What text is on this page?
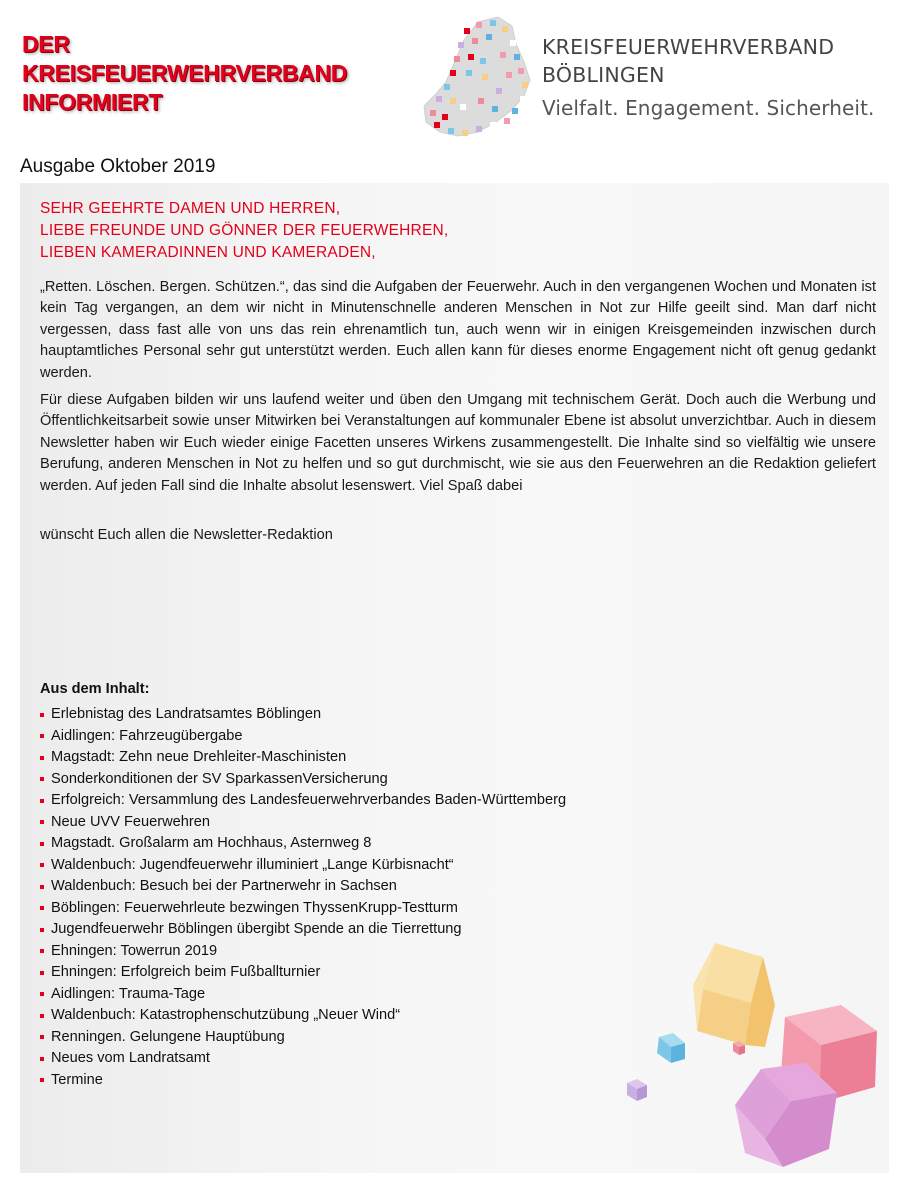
DER
KREISFEUERWEHRVERBAND
INFORMIERT
KREISFEUERWEHRVERBAND
BÖBLINGEN
Vielfalt. Engagement. Sicherheit.
Ausgabe Oktober 2019
SEHR GEEHRTE DAMEN UND HERREN,
LIEBE FREUNDE UND GÖNNER DER FEUERWEHREN,
LIEBEN KAMERADINNEN UND KAMERADEN,
„Retten. Löschen. Bergen. Schützen.“, das sind die Aufgaben der Feuerwehr. Auch in den vergangenen Wochen und Monaten ist kein Tag vergangen, an dem wir nicht in Minutenschnelle anderen Menschen in Not zur Hilfe geeilt sind. Man darf nicht vergessen, dass fast alle von uns das rein ehrenamtlich tun, auch wenn wir in einigen Kreisgemeinden inzwischen durch hauptamtliches Personal sehr gut unterstützt werden. Euch allen kann für dieses enorme Engagement nicht oft genug gedankt werden.
Für diese Aufgaben bilden wir uns laufend weiter und üben den Umgang mit technischem Gerät. Doch auch die Werbung und Öffentlichkeitsarbeit sowie unser Mitwirken bei Veranstaltungen auf kommunaler Ebene ist absolut unverzichtbar. Auch in diesem Newsletter haben wir Euch wieder einige Facetten unseres Wirkens zusammengestellt. Die Inhalte sind so vielfältig wie unsere Berufung, anderen Menschen in Not zu helfen und so gut durchmischt, wie sie aus den Feuerwehren an die Redaktion geliefert werden. Auf jeden Fall sind die Inhalte absolut lesenswert. Viel Spaß dabei
wünscht Euch allen die Newsletter-Redaktion
Aus dem Inhalt:
Erlebnistag des Landratsamtes Böblingen
Aidlingen: Fahrzeugübergabe
Magstadt: Zehn neue Drehleiter-Maschinisten
Sonderkonditionen der SV SparkassenVersicherung
Erfolgreich: Versammlung des Landesfeuerwehrverbandes Baden-Württemberg
Neue UVV Feuerwehren
Magstadt. Großalarm am Hochhaus, Asternweg 8
Waldenbuch: Jugendfeuerwehr illuminiert „Lange Kürbisnacht“
Waldenbuch: Besuch bei der Partnerwehr in Sachsen
Böblingen: Feuerwehrleute bezwingen ThyssenKrupp-Testturm
Jugendfeuerwehr Böblingen übergibt Spende an die Tierrettung
Ehningen: Towerrun 2019
Ehningen: Erfolgreich beim Fußballturnier
Aidlingen: Trauma-Tage
Waldenbuch: Katastrophenschutzübung „Neuer Wind“
Renningen. Gelungene Hauptübung
Neues vom Landratsamt
Termine
